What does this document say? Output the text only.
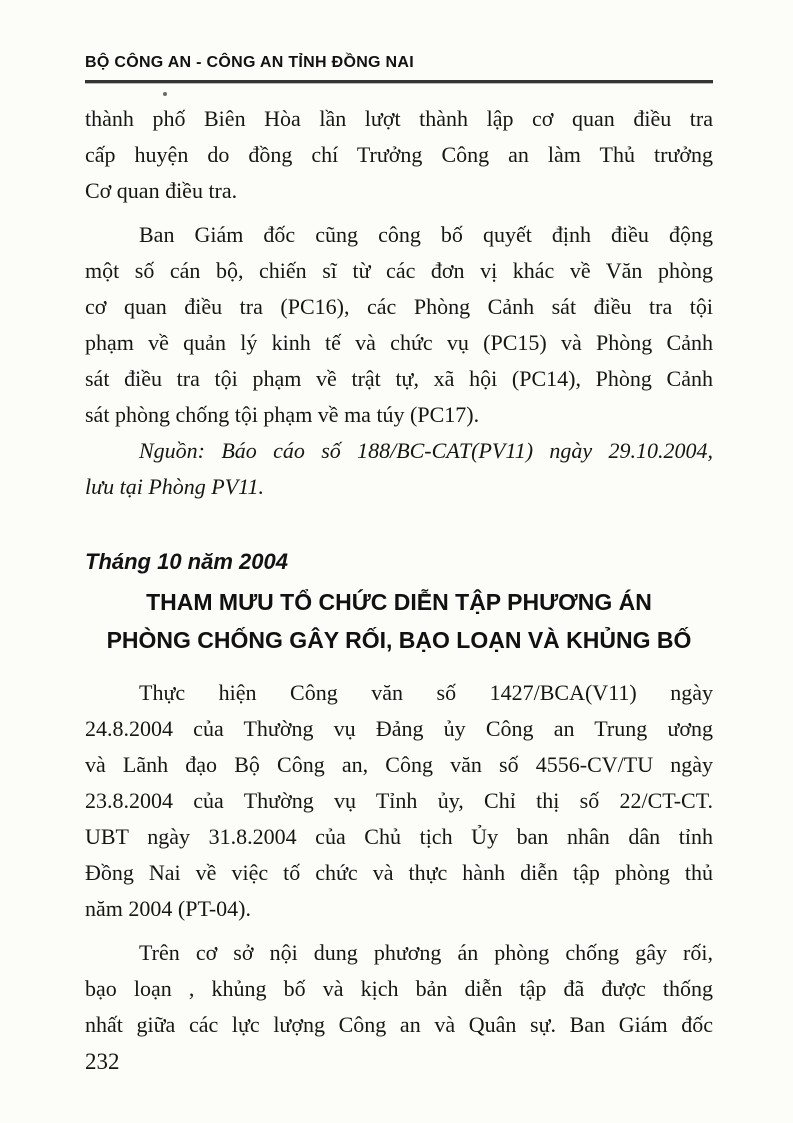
BỘ CÔNG AN - CÔNG AN TỈNH ĐỒNG NAI
thành phố Biên Hòa lần lượt thành lập cơ quan điều tra
cấp huyện do đồng chí Trưởng Công an làm Thủ trưởng
Cơ quan điều tra.
Ban Giám đốc cũng công bố quyết định điều động
một số cán bộ, chiến sĩ từ các đơn vị khác về Văn phòng
cơ quan điều tra (PC16), các Phòng Cảnh sát điều tra tội
phạm về quản lý kinh tế và chức vụ (PC15) và Phòng Cảnh
sát điều tra tội phạm về trật tự, xã hội (PC14), Phòng Cảnh
sát phòng chống tội phạm về ma túy (PC17).
Nguồn: Báo cáo số 188/BC-CAT(PV11) ngày 29.10.2004,
lưu tại Phòng PV11.
Tháng 10 năm 2004
THAM MƯU TỔ CHỨC DIỄN TẬP PHƯƠNG ÁN
PHÒNG CHỐNG GÂY RỐI, BẠO LOẠN VÀ KHỦNG BỐ
Thực hiện Công văn số 1427/BCA(V11) ngày
24.8.2004 của Thường vụ Đảng ủy Công an Trung ương
và Lãnh đạo Bộ Công an, Công văn số 4556-CV/TU ngày
23.8.2004 của Thường vụ Tỉnh ủy, Chỉ thị số 22/CT-CT.
UBT ngày 31.8.2004 của Chủ tịch Ủy ban nhân dân tỉnh
Đồng Nai về việc tố chức và thực hành diễn tập phòng thủ
năm 2004 (PT-04).
Trên cơ sở nội dung phương án phòng chống gây rối,
bạo loạn , khủng bố và kịch bản diễn tập đã được thống
nhất giữa các lực lượng Công an và Quân sự. Ban Giám đốc
232
